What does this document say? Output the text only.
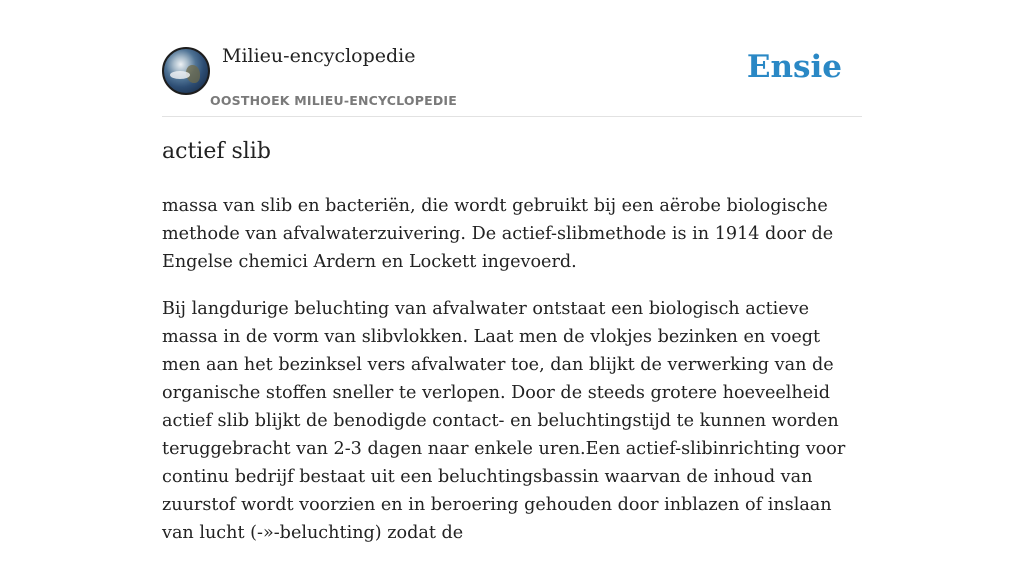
Milieu-encyclopedie
OOSTHOEK MILIEU-ENCYCLOPEDIE
Ensie
actief slib

massa van slib en bacteriën, die wordt gebruikt bij een aërobe biologische methode van afvalwaterzuivering. De actief-slibmethode is in 1914 door de Engelse chemici Ardern en Lockett ingevoerd.

Bij langdurige beluchting van afvalwater ontstaat een biologisch actieve massa in de vorm van slibvlokken. Laat men de vlokjes bezinken en voegt men aan het bezinksel vers afvalwater toe, dan blijkt de verwerking van de organische stoffen sneller te verlopen. Door de steeds grotere hoeveelheid actief slib blijkt de benodigde contact- en beluchtingstijd te kunnen worden teruggebracht van 2-3 dagen naar enkele uren.Een actief-slibinrichting voor continu bedrijf bestaat uit een beluchtingsbassin waarvan de inhoud van zuurstof wordt voorzien en in beroering gehouden door inblazen of inslaan van lucht (-»-beluchting) zodat de
